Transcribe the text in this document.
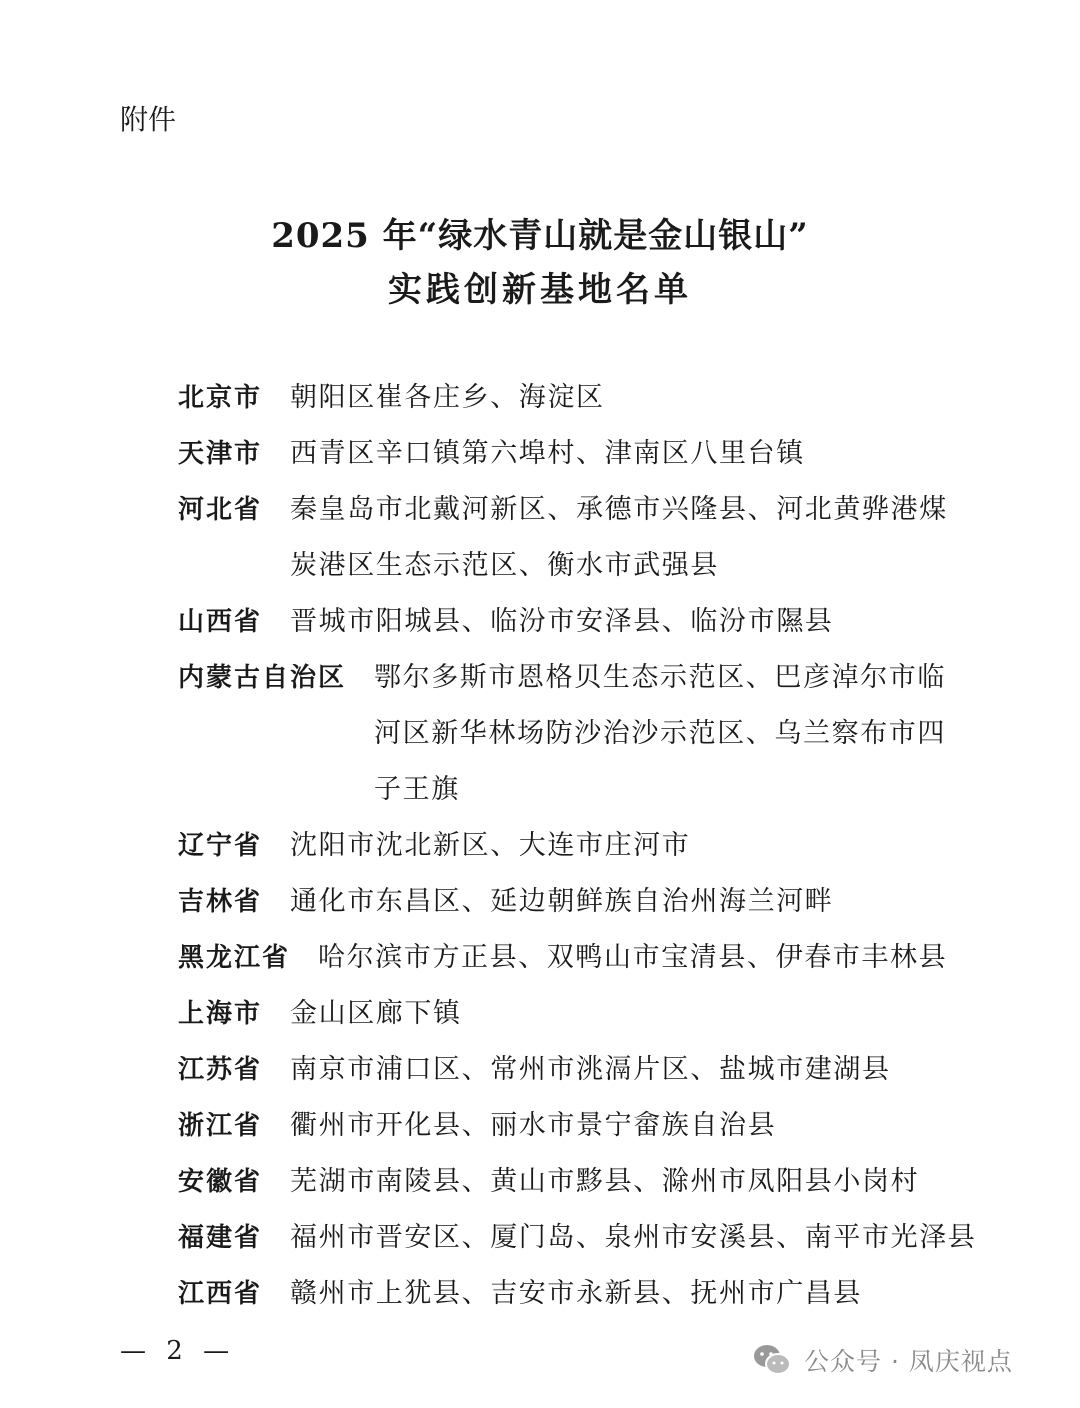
附件
2025 年“绿水青山就是金山银山”
实践创新基地名单
北京市	朝阳区崔各庄乡、海淀区
天津市	西青区辛口镇第六埠村、津南区八里台镇
河北省	秦皇岛市北戴河新区、承德市兴隆县、河北黄骅港煤
炭港区生态示范区、衡水市武强县
山西省	晋城市阳城县、临汾市安泽县、临汾市隰县
内蒙古自治区	鄂尔多斯市恩格贝生态示范区、巴彦淖尔市临
河区新华林场防沙治沙示范区、乌兰察布市四
子王旗
辽宁省	沈阳市沈北新区、大连市庄河市
吉林省	通化市东昌区、延边朝鲜族自治州海兰河畔
黑龙江省	哈尔滨市方正县、双鸭山市宝清县、伊春市丰林县
上海市	金山区廊下镇
江苏省	南京市浦口区、常州市洮滆片区、盐城市建湖县
浙江省	衢州市开化县、丽水市景宁畲族自治县
安徽省	芜湖市南陵县、黄山市黟县、滁州市凤阳县小岗村
福建省	福州市晋安区、厦门岛、泉州市安溪县、南平市光泽县
江西省	赣州市上犹县、吉安市永新县、抚州市广昌县
— 2 —	公众号 · 凤庆视点
